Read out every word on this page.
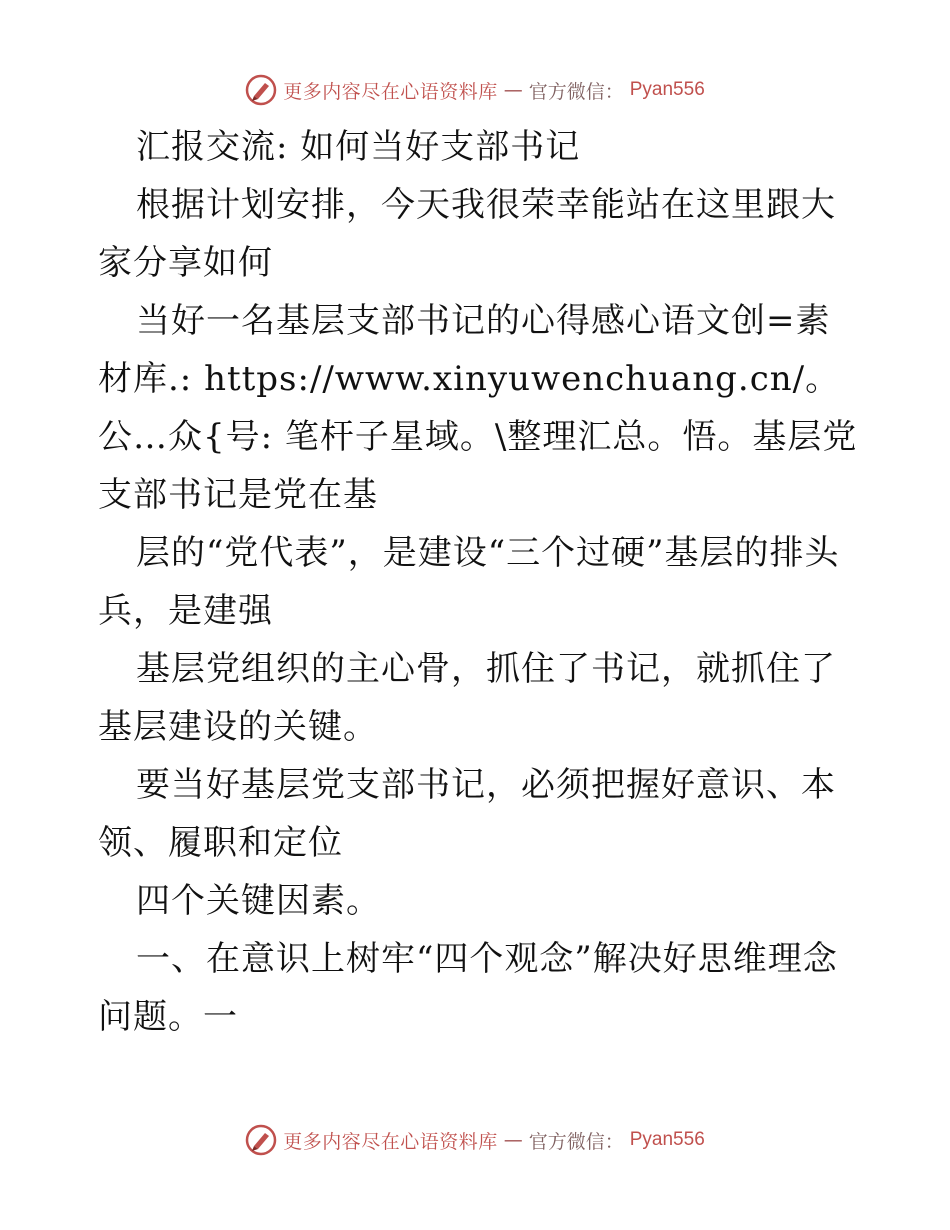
更多内容尽在心语资料库 — 官方微信： Pyan556

汇报交流: 如何当好支部书记

根据计划安排，今天我很荣幸能站在这里跟大家分享如何

当好一名基层支部书记的心得感心语文创=素材库.: https://www.xinyuwenchuang.cn/。公…众{号: 笔杆子星域。\整理汇总。悟。基层党支部书记是党在基

层的“党代表”，是建设“三个过硬”基层的排头兵，是建强

基层党组织的主心骨，抓住了书记，就抓住了基层建设的关键。

要当好基层党支部书记，必须把握好意识、本领、履职和定位

四个关键因素。

一、在意识上树牢“四个观念”解决好思维理念问题。一

更多内容尽在心语资料库 — 官方微信： Pyan556
